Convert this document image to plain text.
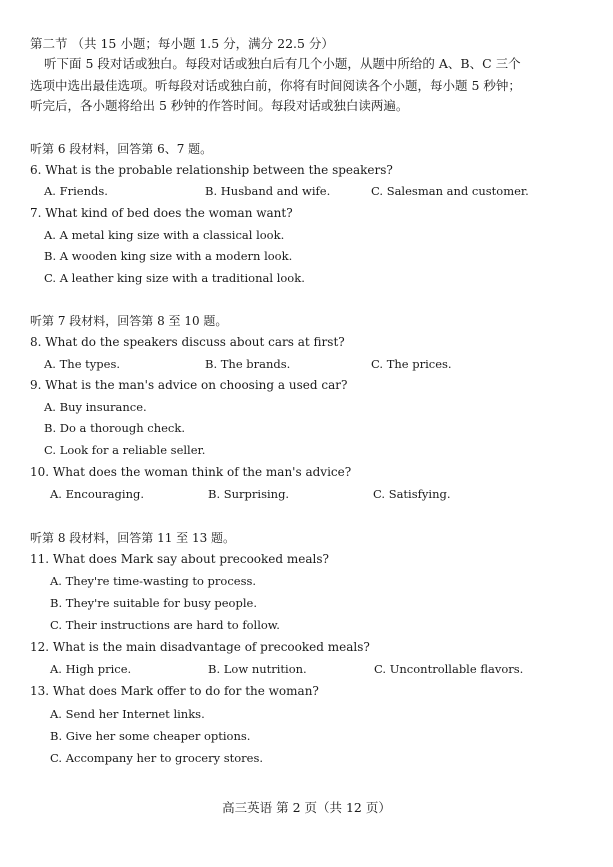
第二节 （共 15 小题；每小题 1.5 分，满分 22.5 分）
听下面 5 段对话或独白。每段对话或独白后有几个小题，从题中所给的 A、B、C 三个
选项中选出最佳选项。听每段对话或独白前，你将有时间阅读各个小题，每小题 5 秒钟；
听完后，各小题将给出 5 秒钟的作答时间。每段对话或独白读两遍。
听第 6 段材料，回答第 6、7 题。
6. What is the probable relationship between the speakers?
A. Friends.	B. Husband and wife.	C. Salesman and customer.
7. What kind of bed does the woman want?
A. A metal king size with a classical look.
B. A wooden king size with a modern look.
C. A leather king size with a traditional look.
听第 7 段材料，回答第 8 至 10 题。
8. What do the speakers discuss about cars at first?
A. The types.	B. The brands.	C. The prices.
9. What is the man's advice on choosing a used car?
A. Buy insurance.
B. Do a thorough check.
C. Look for a reliable seller.
10. What does the woman think of the man's advice?
A. Encouraging.	B. Surprising.	C. Satisfying.
听第 8 段材料，回答第 11 至 13 题。
11. What does Mark say about precooked meals?
A. They're time-wasting to process.
B. They're suitable for busy people.
C. Their instructions are hard to follow.
12. What is the main disadvantage of precooked meals?
A. High price.	B. Low nutrition.	C. Uncontrollable flavors.
13. What does Mark offer to do for the woman?
A. Send her Internet links.
B. Give her some cheaper options.
C. Accompany her to grocery stores.
高三英语 第 2 页（共 12 页）
